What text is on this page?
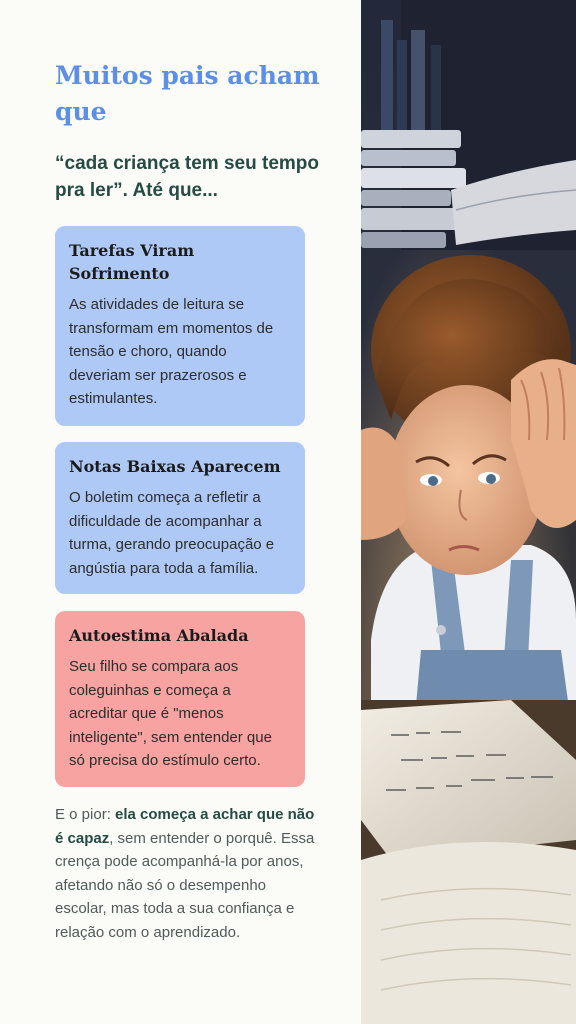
Muitos pais acham que

“cada criança tem seu tempo pra ler”. Até que...

Tarefas Viram Sofrimento
As atividades de leitura se transformam em momentos de tensão e choro, quando deveriam ser prazerosos e estimulantes.
Notas Baixas Aparecem
O boletim começa a refletir a dificuldade de acompanhar a turma, gerando preocupação e angústia para toda a família.
Autoestima Abalada
Seu filho se compara aos coleguinhas e começa a acreditar que é "menos inteligente", sem entender que só precisa do estímulo certo.

E o pior: ela começa a achar que não é capaz, sem entender o porquê. Essa crença pode acompanhá-la por anos, afetando não só o desempenho escolar, mas toda a sua confiança e relação com o aprendizado.
